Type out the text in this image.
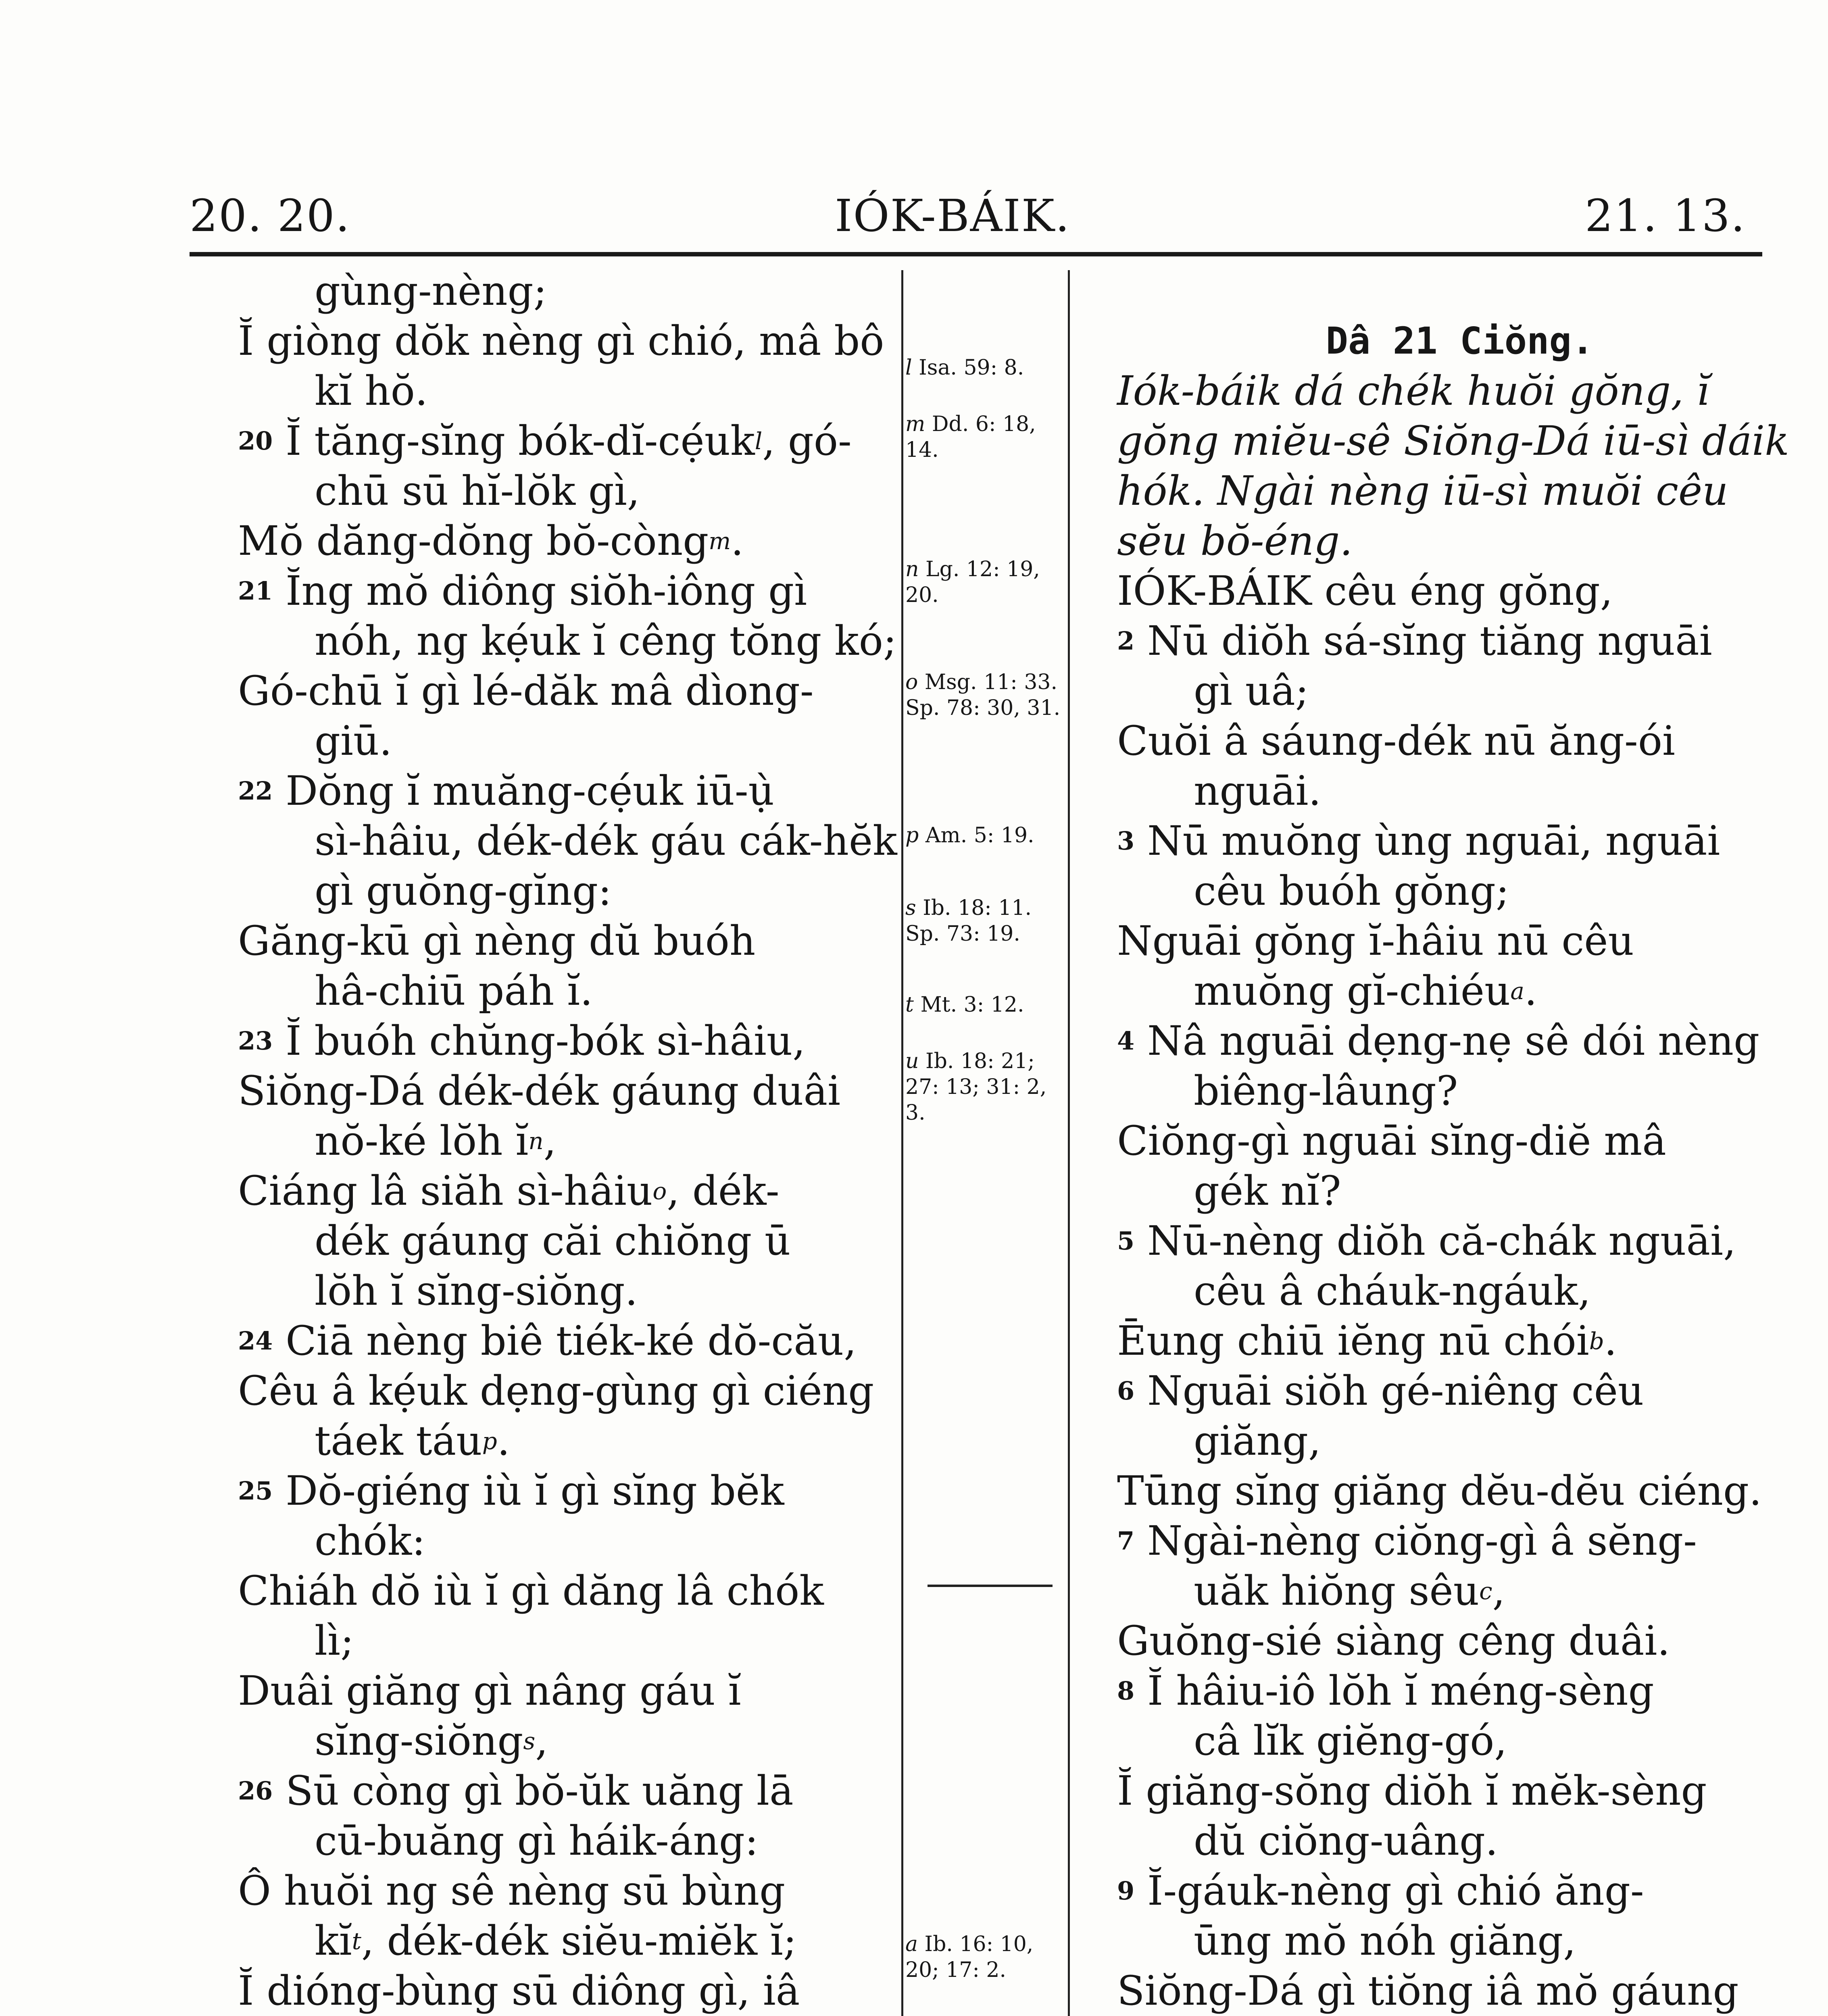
20. 20.	IÓK-BÁIK.	21. 13.
gùng-nèng;
Ĭ giòng dŏk nèng gì chió, mâ bô
kĭ hŏ.
$^{20}$ Ĭ tăng-sĭng bók-$dĭ-cẹ́uk^l$, gó-
chū sū hĭ-lŏk gì,
Mŏ dăng-dŏng bŏ-còng$^m$.
$^{21}$ Ĭng mŏ diông siŏh-iông gì
nóh, ng kẹ́uk ĭ cêng tŏng kó;
Gó-chū ĭ gì lé-dăk mâ dìong-
giū.
$^{22}$ Dŏng ĭ muăng-cẹ́uk iū-ụ̀
sì-hâiu, dék-dék gáu cák-hĕk
gì guŏng-gĭng:
Găng-kū gì nèng dŭ buóh
hâ-chiū páh ĭ.
$^{23}$ Ĭ buóh chŭng-bók sì-hâiu,
Siŏng-Dá dék-dék gáung duâi
nŏ-ké lŏh $ĭ^n$,
Ciáng lâ siăh sì-hâiu$^o$, dék-
dék gáung căi chiŏng ū
lŏh ĭ sĭng-siŏng.
$^{24}$ Ciā nèng biê tiék-ké dŏ-cău,
Cêu â kẹ́uk dẹng-gùng gì ciéng
táek táu$^p$.
$^{25}$ Dŏ-giéng iù ĭ gì sĭng bĕk
chók:
Chiáh dŏ iù ĭ gì dăng lâ chók
lì;
Duâi giăng gì nâng gáu ĭ
sĭng-siŏng$^s$,
$^{26}$ Sū còng gì bŏ-ŭk uăng lā
cū-buăng gì háik-áng:
Ô huŏi ng sê nèng sū bùng
$kĭ^t$, dék-dék siĕu-miĕk ĭ;
Ĭ dióng-bùng sū diông gì, iâ
l Isa. 59: 8.
m Dd. 6: 18, 14.
n Lg. 12: 19, 20.
o Msg. 11: 33. Sp. 78: 30, 31.
p Am. 5: 19.
s Ib. 18: 11. Sp. 73: 19.
t Mt. 3: 12.
u Ib. 18: 21; 27: 13; 31: 2, 3.
a Ib. 16: 10, 20; 17: 2.
Dâ 21 Ciŏng.
Iók-báik dá chék huŏi gŏng, ĭ
gŏng miĕu-sê Siŏng-Dá iū-sì dáik
hók. Ngài nèng iū-sì muŏi cêu
sĕu bŏ-éng.
IÓK-BÁIK cêu éng gŏng,
$^2$ Nū diŏh sá-sĭng tiăng nguāi
gì uâ;
Cuŏi â sáung-dék nū ăng-ói
nguāi.
$^3$ Nū muŏng ùng nguāi, nguāi
cêu buóh gŏng;
Nguāi gŏng ĭ-hâiu nū cêu
muŏng gĭ-chiéu$^a$.
$^4$ Nâ nguāi dẹng-nẹ sê dói nèng
biêng-lâung?
Ciŏng-gì nguāi sĭng-diĕ mâ
gék nĭ?
$^5$ Nū-nèng diŏh că-chák nguāi,
cêu â cháuk-ngáuk,
Ēung chiū iĕng nū chói$^b$.
$^6$ Nguāi siŏh gé-niêng cêu
giăng,
Tūng sĭng giăng dĕu-dĕu ciéng.
$^7$ Ngài-nèng ciŏng-gì â sĕng-
uăk hiŏng sêu$^c$,
Guŏng-sié siàng cêng duâi.
$^8$ Ĭ hâiu-iô lŏh ĭ méng-sèng
câ lĭk giĕng-gó,
Ĭ giăng-sŏng diŏh ĭ mĕk-sèng
dŭ ciŏng-uâng.
$^9$ Ĭ-gáuk-nèng gì chió ăng-
ūng mŏ nóh giăng,
Siŏng-Dá gì tiŏng iâ mŏ gáung
